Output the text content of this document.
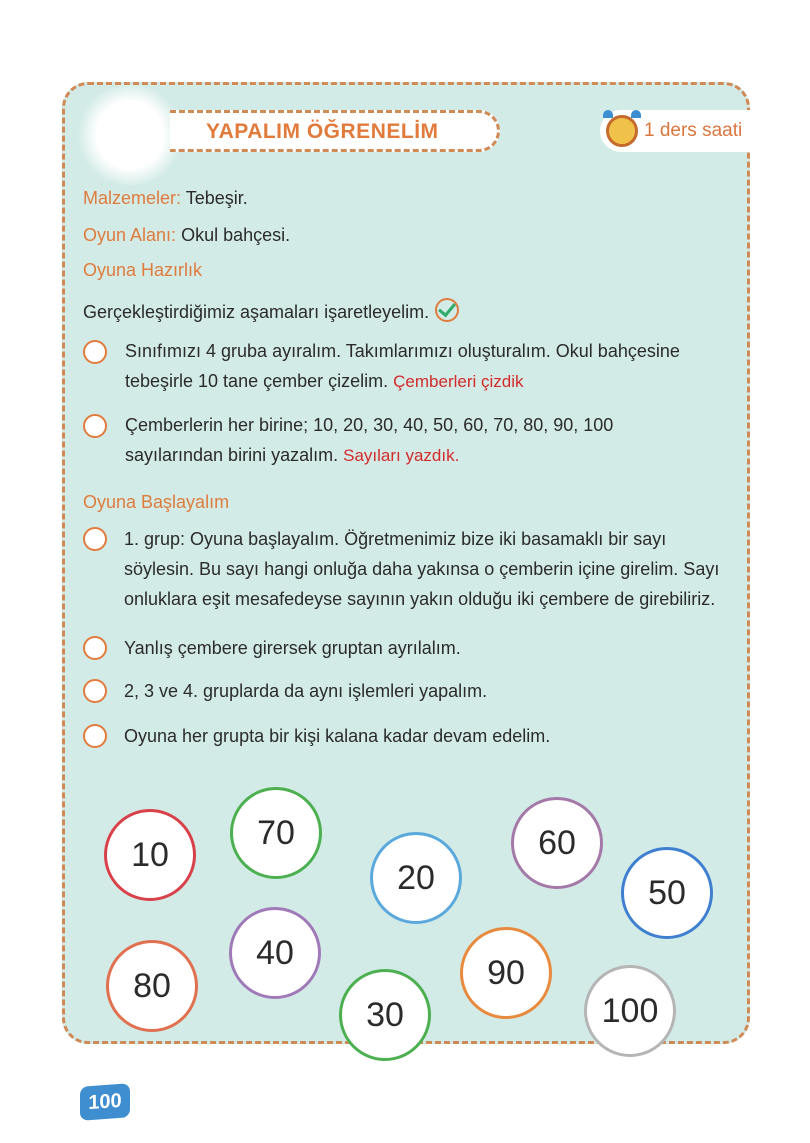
YAPALIM ÖĞRENELİM	1 ders saati
Malzemeler: Tebeşir.
Oyun Alanı: Okul bahçesi.
Oyuna Hazırlık
Gerçekleştirdiğimiz aşamaları işaretleyelim.
Sınıfımızı 4 gruba ayıralım. Takımlarımızı oluşturalım. Okul bahçesine
tebeşirle 10 tane çember çizelim. Çemberleri çizdik
Çemberlerin her birine; 10, 20, 30, 40, 50, 60, 70, 80, 90, 100
sayılarından birini yazalım. Sayıları yazdık.
Oyuna Başlayalım
1. grup: Oyuna başlayalım. Öğretmenimiz bize iki basamaklı bir sayı söylesin. Bu sayı hangi onluğa daha yakınsa o çemberin içine girelim. Sayı onluklara eşit mesafedeyse sayının yakın olduğu iki çembere de girebiliriz.
Yanlış çembere girersek gruptan ayrılalım.
2, 3 ve 4. gruplarda da aynı işlemleri yapalım.
Oyuna her grupta bir kişi kalana kadar devam edelim.
10
70
20
60
50
80
40
30
90
100
100
